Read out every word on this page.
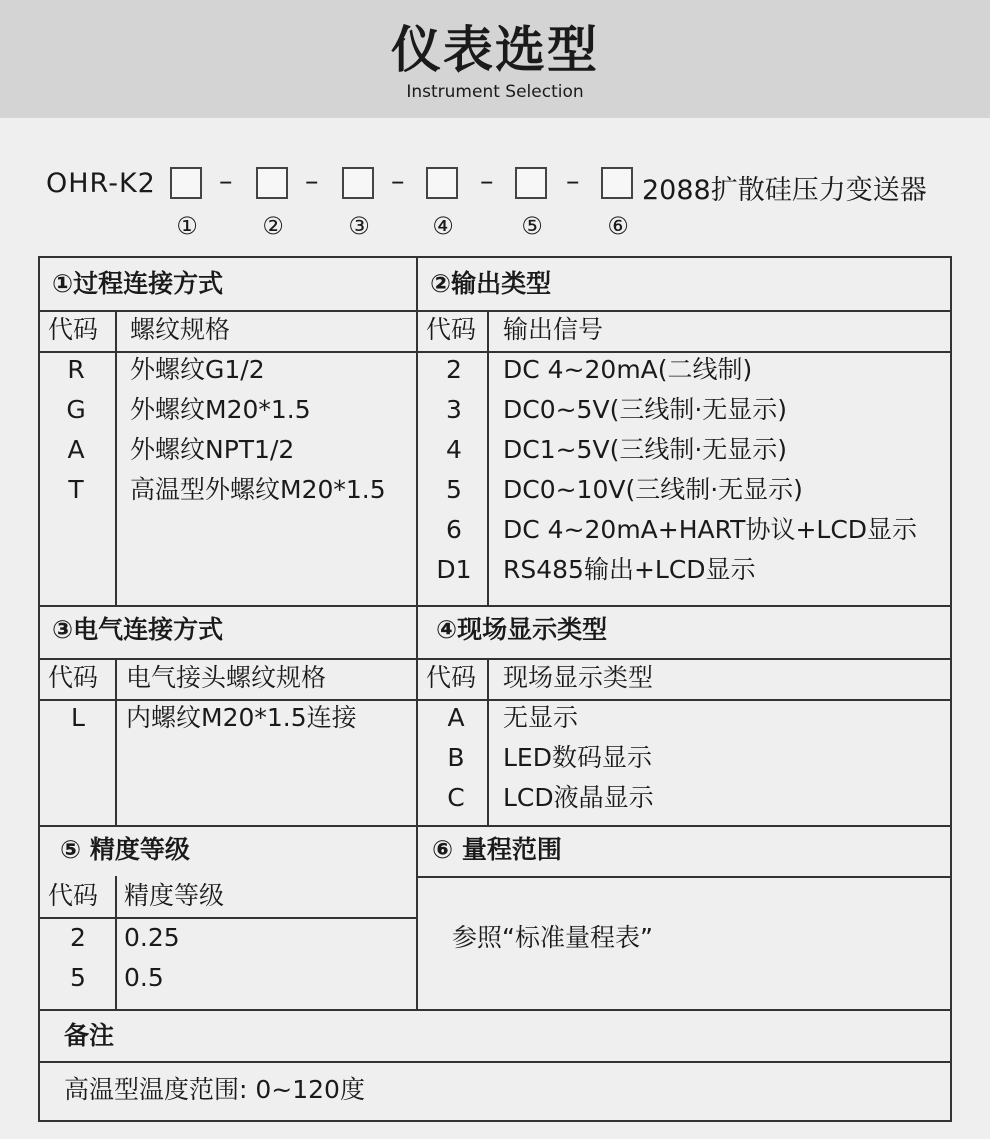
仪表选型
Instrument Selection
OHR-K2 –	–	–	–	– 2088扩散硅压力变送器
①	②	③	④	⑤	⑥
①过程连接方式
代码 螺纹规格
R	外螺纹G1/2
G	外螺纹M20*1.5
A	外螺纹NPT1/2
T	高温型外螺纹M20*1.5
②输出类型
代码 输出信号
2	DC 4~20mA(二线制)
3	DC0~5V(三线制·无显示)
4	DC1~5V(三线制·无显示)
5	DC0~10V(三线制·无显示)
6	DC 4~20mA+HART协议+LCD显示
D1	RS485输出+LCD显示
③电气连接方式
代码 电气接头螺纹规格
L	内螺纹M20*1.5连接
④现场显示类型
代码 现场显示类型
A	无显示
B	LED数码显示
C	LCD液晶显示
⑤ 精度等级
代码 精度等级
2	0.25
5	0.5
⑥ 量程范围
参照“标准量程表”
备注
高温型温度范围: 0~120度
